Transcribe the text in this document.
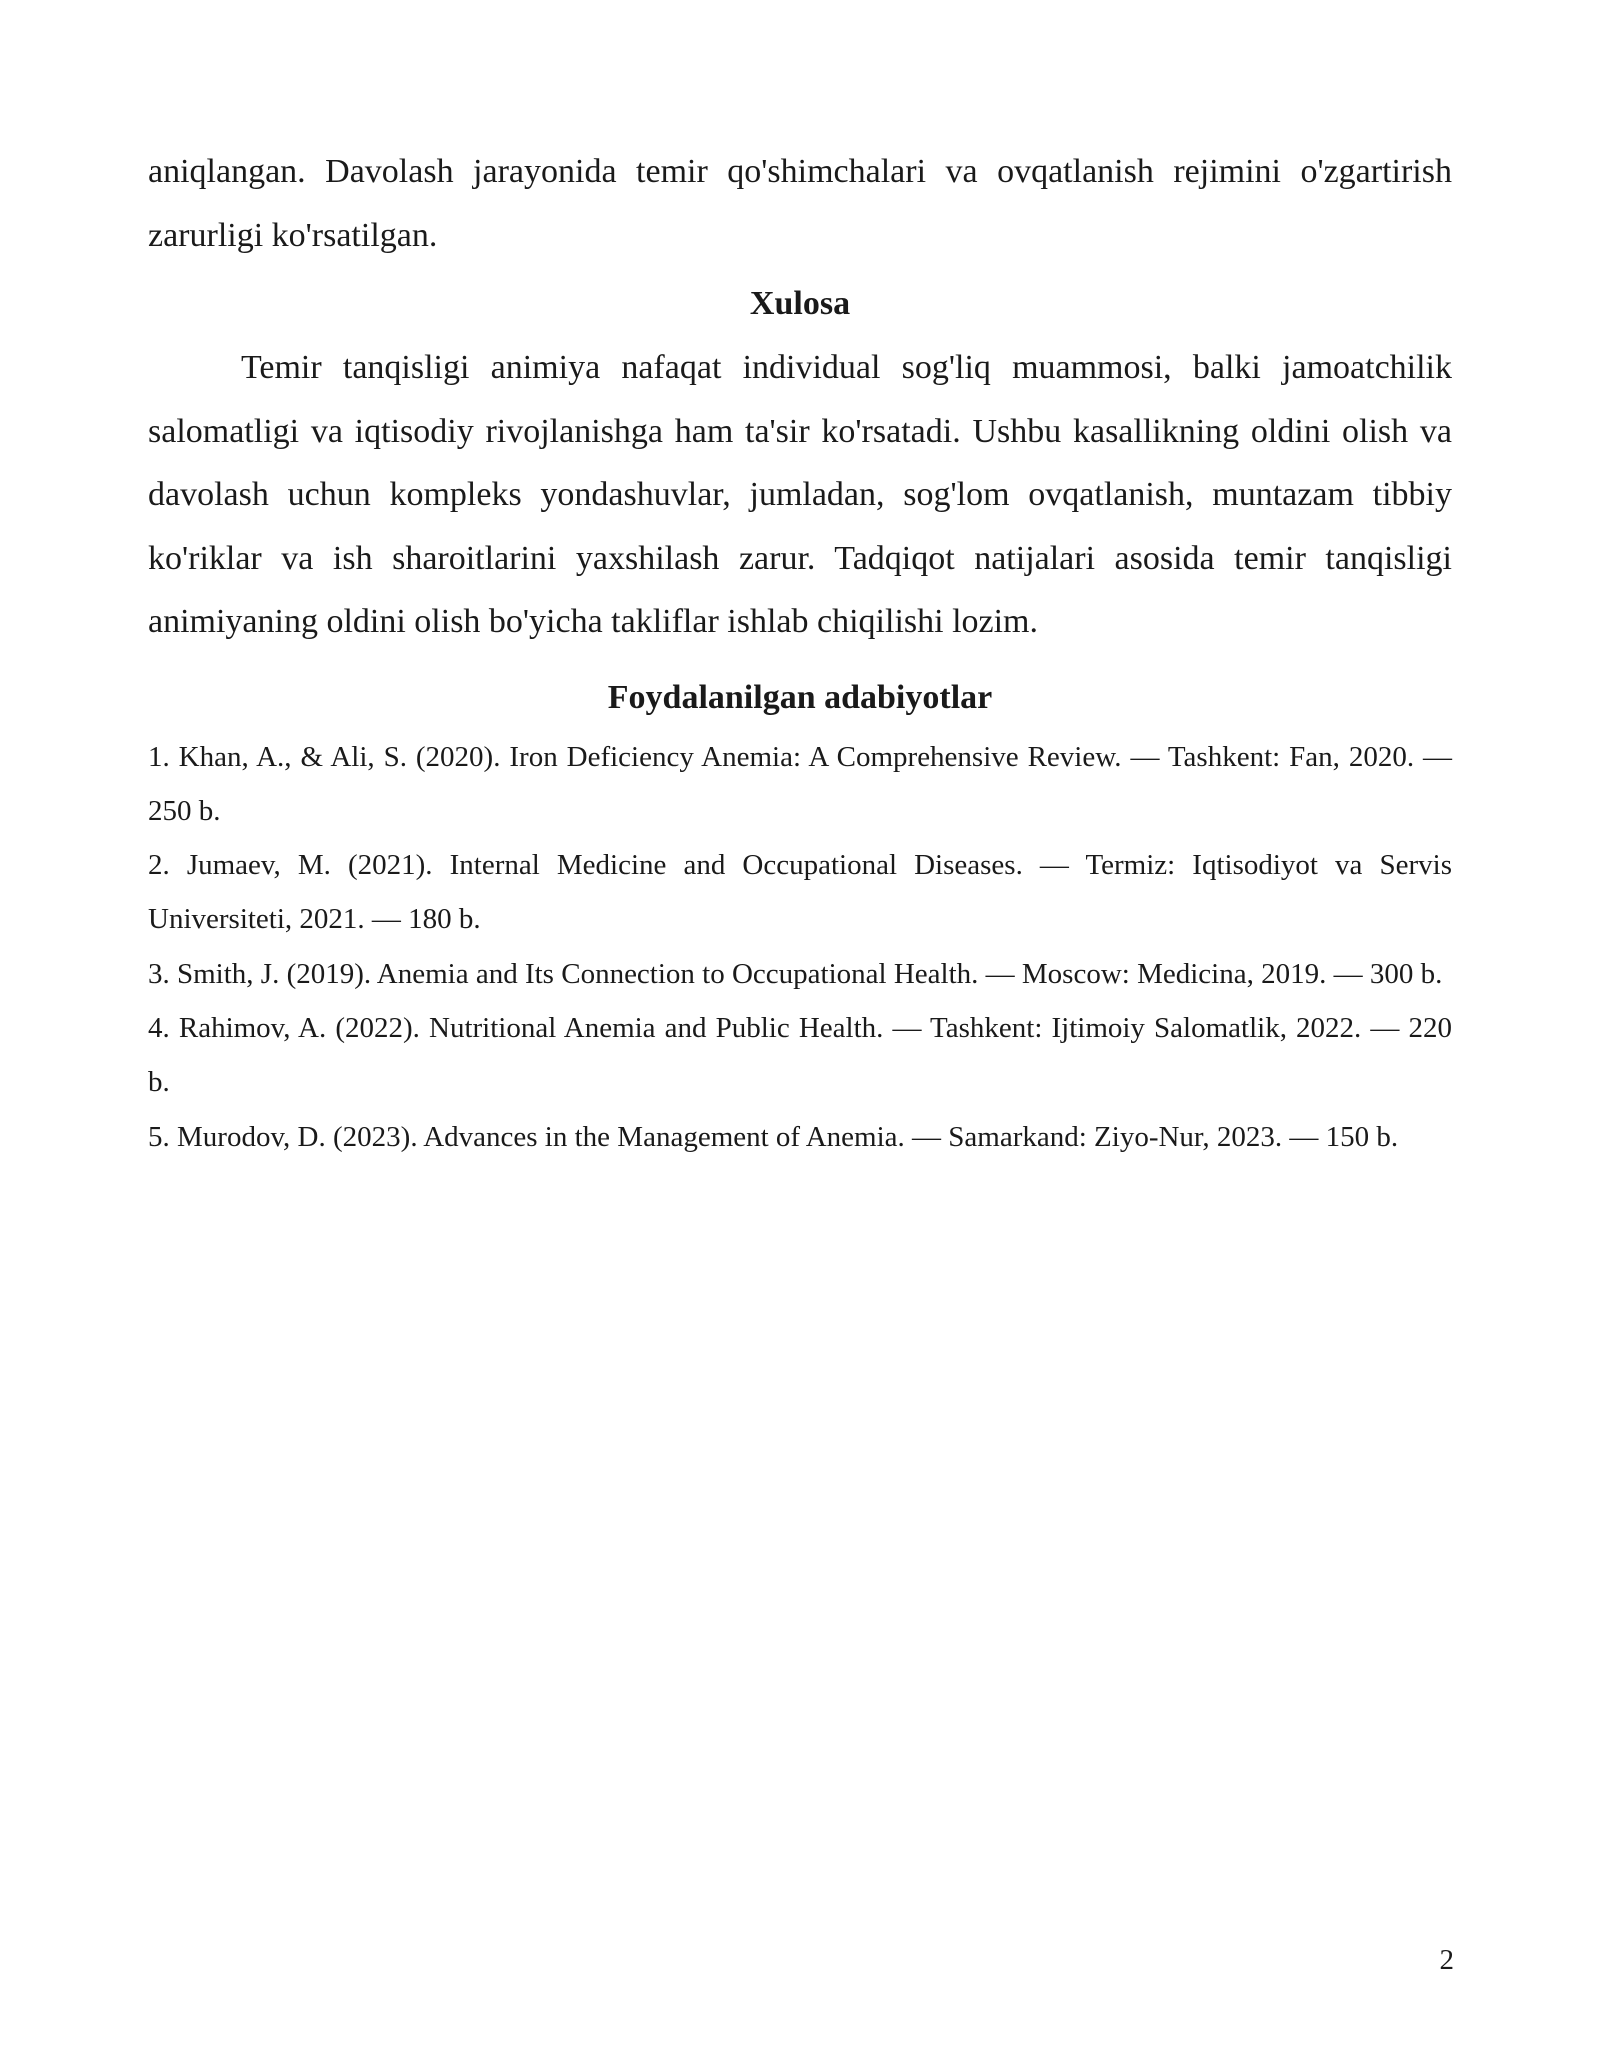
aniqlangan. Davolash jarayonida temir qo'shimchalari va ovqatlanish rejimini o'zgartirish zarurligi ko'rsatilgan.

Xulosa

Temir tanqisligi animiya nafaqat individual sog'liq muammosi, balki jamoatchilik salomatligi va iqtisodiy rivojlanishga ham ta'sir ko'rsatadi. Ushbu kasallikning oldini olish va davolash uchun kompleks yondashuvlar, jumladan, sog'lom ovqatlanish, muntazam tibbiy ko'riklar va ish sharoitlarini yaxshilash zarur. Tadqiqot natijalari asosida temir tanqisligi animiyaning oldini olish bo'yicha takliflar ishlab chiqilishi lozim.

Foydalanilgan adabiyotlar
1. Khan, A., & Ali, S. (2020). Iron Deficiency Anemia: A Comprehensive Review. — Tashkent: Fan, 2020. — 250 b.
2. Jumaev, M. (2021). Internal Medicine and Occupational Diseases. — Termiz: Iqtisodiyot va Servis Universiteti, 2021. — 180 b.
3. Smith, J. (2019). Anemia and Its Connection to Occupational Health. — Moscow: Medicina, 2019. — 300 b.
4. Rahimov, A. (2022). Nutritional Anemia and Public Health. — Tashkent: Ijtimoiy Salomatlik, 2022. — 220 b.
5. Murodov, D. (2023). Advances in the Management of Anemia. — Samarkand: Ziyo-Nur, 2023. — 150 b.
2
